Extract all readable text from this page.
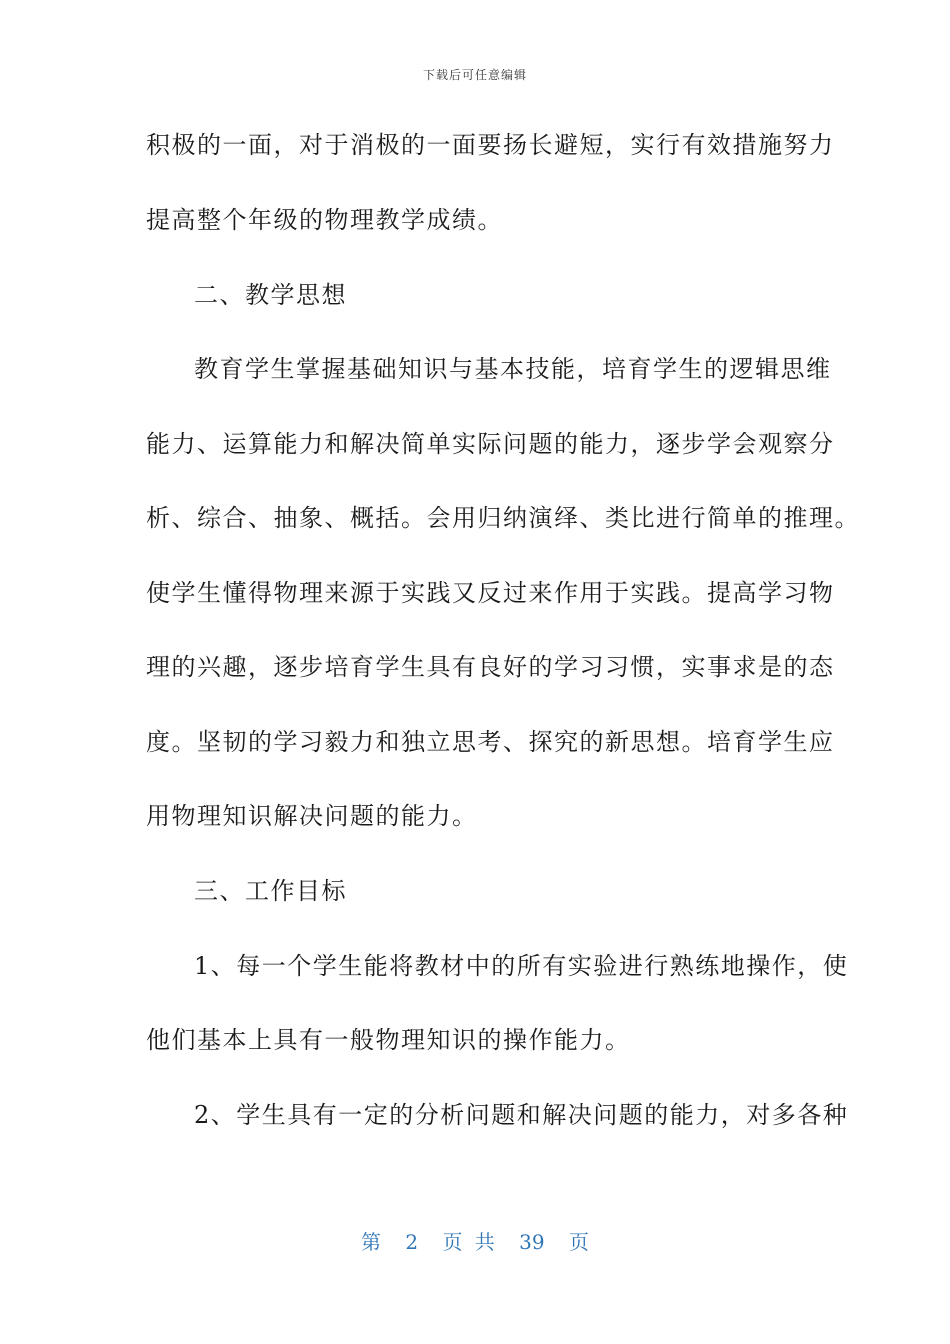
下载后可任意编辑
积极的一面，对于消极的一面要扬长避短，实行有效措施努力
提高整个年级的物理教学成绩。
二、教学思想
教育学生掌握基础知识与基本技能，培育学生的逻辑思维
能力、运算能力和解决简单实际问题的能力，逐步学会观察分
析、综合、抽象、概括。会用归纳演绎、类比进行简单的推理。
使学生懂得物理来源于实践又反过来作用于实践。提高学习物
理的兴趣，逐步培育学生具有良好的学习习惯，实事求是的态
度。坚韧的学习毅力和独立思考、探究的新思想。培育学生应
用物理知识解决问题的能力。
三、工作目标
1、每一个学生能将教材中的所有实验进行熟练地操作，使
他们基本上具有一般物理知识的操作能力。
2、学生具有一定的分析问题和解决问题的能力，对多各种
第 2 页 共 39 页
